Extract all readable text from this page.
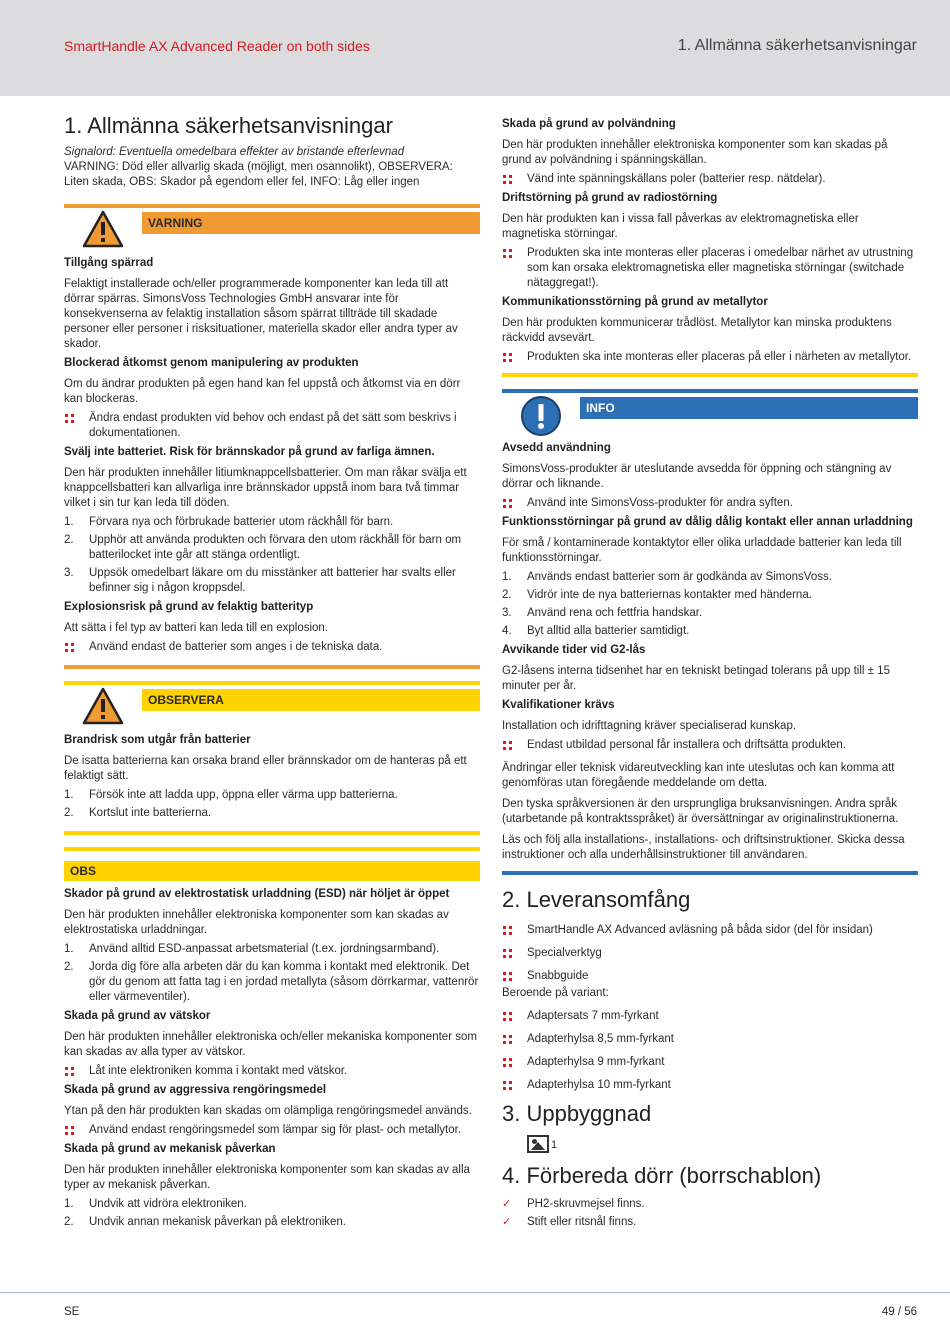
SmartHandle AX Advanced Reader on both sides	1. Allmänna säkerhetsanvisningar
1. Allmänna säkerhetsanvisningar
Signalord: Eventuella omedelbara effekter av bristande efterlevnad
VARNING: Död eller allvarlig skada (möjligt, men osannolikt), OBSERVERA: Liten skada, OBS: Skador på egendom eller fel, INFO: Låg eller ingen
VARNING
Tillgång spärrad

Felaktigt installerade och/eller programmerade komponenter kan leda till att dörrar spärras. SimonsVoss Technologies GmbH ansvarar inte för konsekvenserna av felaktig installation såsom spärrat tillträde till skadade personer eller personer i risksituationer, materiella skador eller andra typer av skador.

Blockerad åtkomst genom manipulering av produkten

Om du ändrar produkten på egen hand kan fel uppstå och åtkomst via en dörr kan blockeras.

Ändra endast produkten vid behov och endast på det sätt som beskrivs i dokumentationen.
Svälj inte batteriet. Risk för brännskador på grund av farliga ämnen.

Den här produkten innehåller litiumknappcellsbatterier. Om man råkar svälja ett knappcellsbatteri kan allvarliga inre brännskador uppstå inom bara två timmar vilket i sin tur kan leda till döden.

1. Förvara nya och förbrukade batterier utom räckhåll för barn.
2. Upphör att använda produkten och förvara den utom räckhåll för barn om batterilocket inte går att stänga ordentligt.
3. Uppsök omedelbart läkare om du misstänker att batterier har svalts eller befinner sig i någon kroppsdel.
Explosionsrisk på grund av felaktig batterityp

Att sätta i fel typ av batteri kan leda till en explosion.

Använd endast de batterier som anges i de tekniska data.
OBSERVERA
Brandrisk som utgår från batterier

De isatta batterierna kan orsaka brand eller brännskador om de hanteras på ett felaktigt sätt.

1. Försök inte att ladda upp, öppna eller värma upp batterierna.
2. Kortslut inte batterierna.
OBS
Skador på grund av elektrostatisk urladdning (ESD) när höljet är öppet

Den här produkten innehåller elektroniska komponenter som kan skadas av elektrostatiska urladdningar.

1. Använd alltid ESD-anpassat arbetsmaterial (t.ex. jordningsarmband).
2. Jorda dig före alla arbeten där du kan komma i kontakt med elektronik. Det gör du genom att fatta tag i en jordad metallyta (såsom dörrkarmar, vattenrör eller värmeventiler).
Skada på grund av vätskor

Den här produkten innehåller elektroniska och/eller mekaniska komponenter som kan skadas av alla typer av vätskor.

Låt inte elektroniken komma i kontakt med vätskor.
Skada på grund av aggressiva rengöringsmedel

Ytan på den här produkten kan skadas om olämpliga rengöringsmedel används.

Använd endast rengöringsmedel som lämpar sig för plast- och metallytor.
Skada på grund av mekanisk påverkan

Den här produkten innehåller elektroniska komponenter som kan skadas av alla typer av mekanisk påverkan.

1. Undvik att vidröra elektroniken.
2. Undvik annan mekanisk påverkan på elektroniken.
Skada på grund av polvändning

Den här produkten innehåller elektroniska komponenter som kan skadas på grund av polvändning i spänningskällan.

Vänd inte spänningskällans poler (batterier resp. nätdelar).
Driftstörning på grund av radiostörning

Den här produkten kan i vissa fall påverkas av elektromagnetiska eller magnetiska störningar.

Produkten ska inte monteras eller placeras i omedelbar närhet av utrustning som kan orsaka elektromagnetiska eller magnetiska störningar (switchade nätaggregat!).
Kommunikationsstörning på grund av metallytor

Den här produkten kommunicerar trådlöst. Metallytor kan minska produktens räckvidd avsevärt.

Produkten ska inte monteras eller placeras på eller i närheten av metallytor.
INFO
Avsedd användning

SimonsVoss-produkter är uteslutande avsedda för öppning och stängning av dörrar och liknande.

Använd inte SimonsVoss-produkter för andra syften.
Funktionsstörningar på grund av dålig dålig kontakt eller annan urladdning

För små / kontaminerade kontaktytor eller olika urladdade batterier kan leda till funktionsstörningar.

1. Används endast batterier som är godkända av SimonsVoss.
2. Vidrör inte de nya batteriernas kontakter med händerna.
3. Använd rena och fettfria handskar.
4. Byt alltid alla batterier samtidigt.
Avvikande tider vid G2-lås

G2-låsens interna tidsenhet har en tekniskt betingad tolerans på upp till ± 15 minuter per år.

Kvalifikationer krävs

Installation och idrifttagning kräver specialiserad kunskap.

Endast utbildad personal får installera och driftsätta produkten.

Ändringar eller teknisk vidareutveckling kan inte uteslutas och kan komma att genomföras utan föregående meddelande om detta.

Den tyska språkversionen är den ursprungliga bruksanvisningen. Andra språk (utarbetande på kontraktsspråket) är översättningar av originalinstruktionerna.

Läs och följ alla installations-, installations- och driftsinstruktioner. Skicka dessa instruktioner och alla underhållsinstruktioner till användaren.

2. Leveransomfång
SmartHandle AX Advanced avläsning på båda sidor (del för insidan)
Specialverktyg
Snabbguide

Beroende på variant:

Adaptersats 7 mm-fyrkant
Adapterhylsa 8,5 mm-fyrkant
Adapterhylsa 9 mm-fyrkant
Adapterhylsa 10 mm-fyrkant
3. Uppbyggnad
1
4. Förbereda dörr (borrschablon)
✓ PH2-skruvmejsel finns.
✓ Stift eller ritsnål finns.
SE	49 / 56
